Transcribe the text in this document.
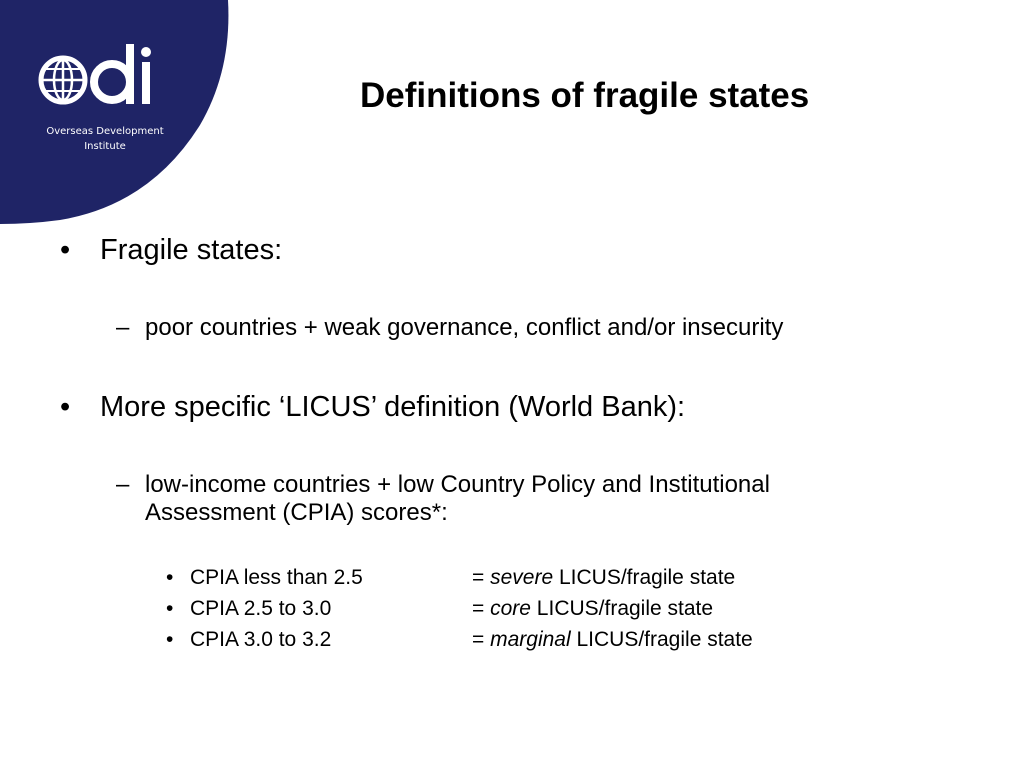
Overseas Development
Institute
Definitions of fragile states
• Fragile states:
– poor countries + weak governance, conflict and/or insecurity
• More specific ‘LICUS’ definition (World Bank):
– low-income countries + low Country Policy and Institutional Assessment (CPIA) scores*:
• CPIA less than 2.5	= severe LICUS/fragile state
• CPIA 2.5 to 3.0	= core LICUS/fragile state
• CPIA 3.0 to 3.2	= marginal LICUS/fragile state
